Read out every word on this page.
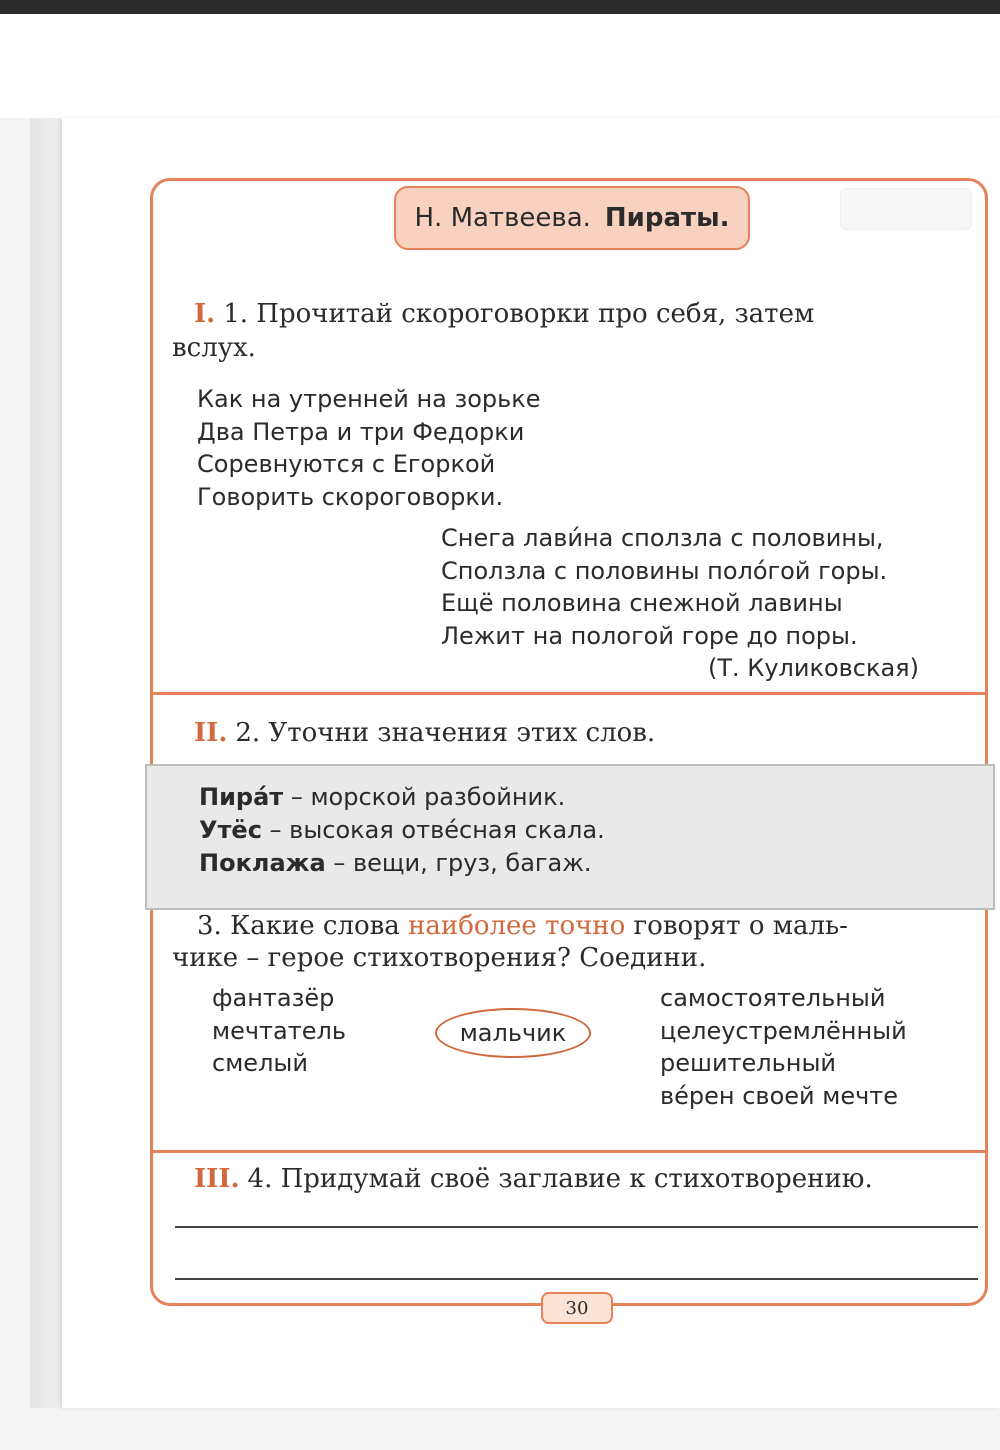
Н. Матвеева. Пираты.
I. 1. Прочитай скороговорки про себя, затем
вслух.
Как на утренней на зорьке
Два Петра и три Федорки
Соревнуются с Егоркой
Говорить скороговорки.
Снега лави́на сползла с половины,
Сползла с половины поло́гой горы.
Ещё половина снежной лавины
Лежит на пологой горе до поры.
(Т. Куликовская)
II. 2. Уточни значения этих слов.
Пира́т – морской разбойник.
Утёс – высокая отве́сная скала.
Поклажа – вещи, груз, багаж.
3. Какие слова наиболее точно говорят о маль-
чике – герое стихотворения? Соедини.
фантазёр
мечтатель
смелый
мальчик
самостоятельный
целеустремлённый
решительный
ве́рен своей мечте
III. 4. Придумай своё заглавие к стихотворению.
30
